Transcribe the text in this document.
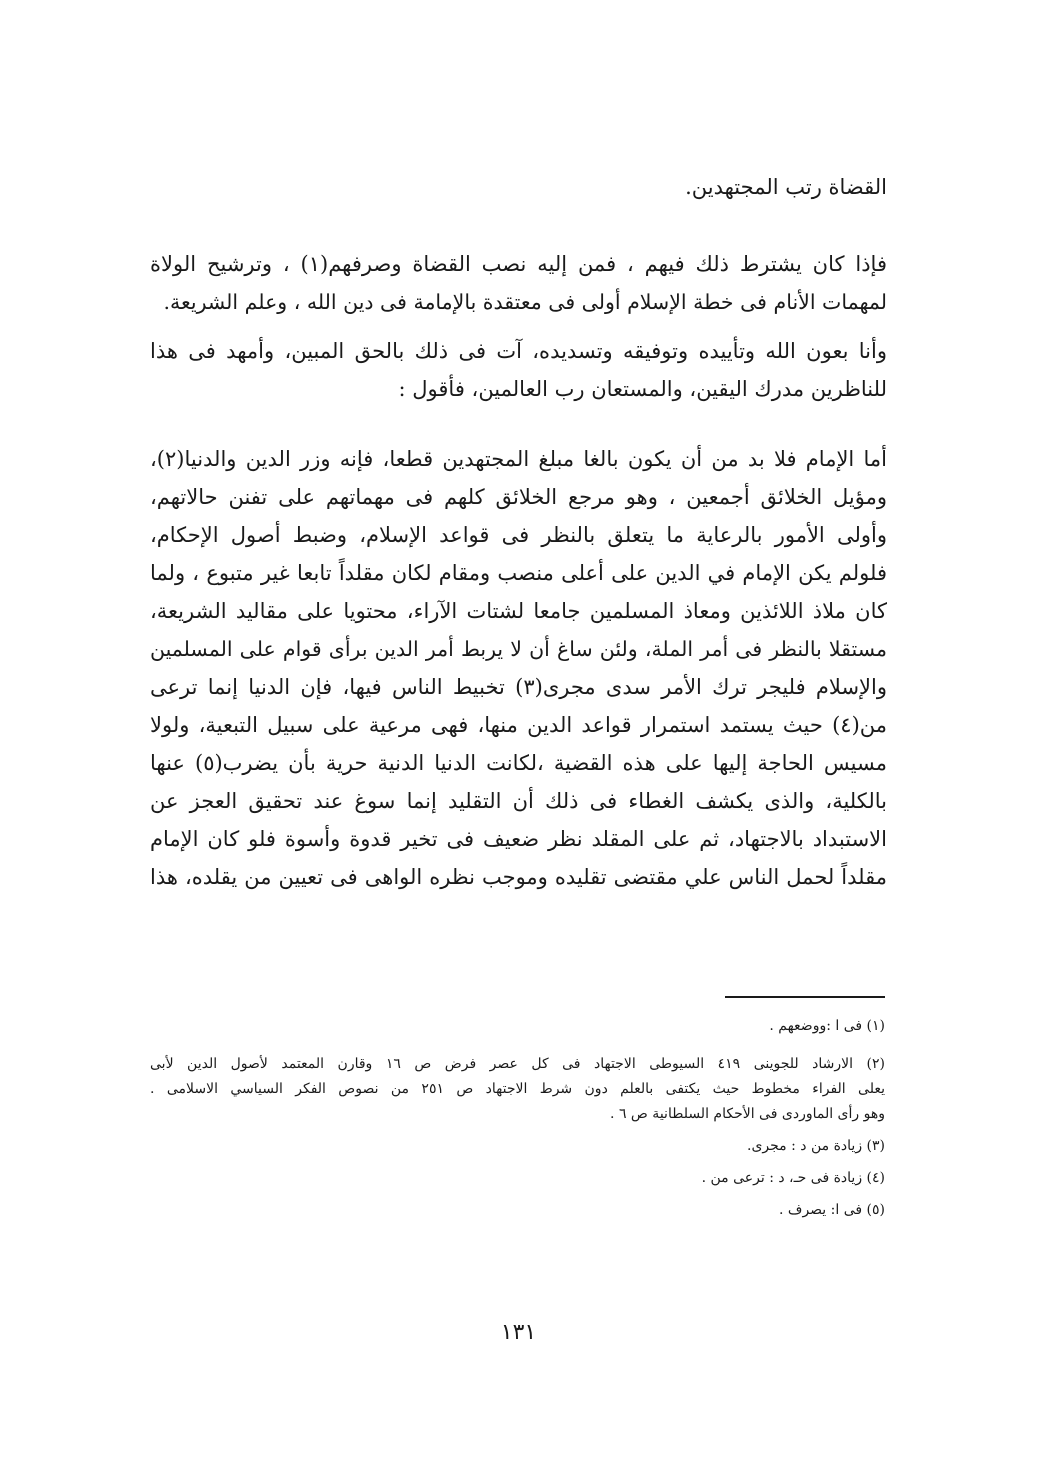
القضاة رتب المجتهدين.
فإذا كان يشترط ذلك فيهم ، فمن إليه نصب القضاة وصرفهم(١) ، وترشيح الولاة
لمهمات الأنام فى خطة الإسلام أولى فى معتقدة بالإمامة فى دين الله ، وعلم الشريعة.
وأنا بعون الله وتأييده وتوفيقه وتسديده، آت فى ذلك بالحق المبين، وأمهد فى هذا
للناظرين مدرك اليقين، والمستعان رب العالمين، فأقول :
أما الإمام فلا بد من أن يكون بالغا مبلغ المجتهدين قطعا، فإنه وزر الدين والدنيا(٢)،
ومؤيل الخلائق أجمعين ، وهو مرجع الخلائق كلهم فى مهماتهم على تفنن حالاتهم،
وأولى الأمور بالرعاية ما يتعلق بالنظر فى قواعد الإسلام، وضبط أصول الإحكام،
فلولم يكن الإمام في الدين على أعلى منصب ومقام لكان مقلداً تابعا غير متبوع ، ولما
كان ملاذ اللائذين ومعاذ المسلمين جامعا لشتات الآراء، محتويا على مقاليد الشريعة،
مستقلا بالنظر فى أمر الملة، ولئن ساغ أن لا يربط أمر الدين برأى قوام على المسلمين
والإسلام فليجر ترك الأمر سدى مجرى(٣) تخبيط الناس فيها، فإن الدنيا إنما ترعى
من(٤) حيث يستمد استمرار قواعد الدين منها، فهى مرعية على سبيل التبعية، ولولا
مسيس الحاجة إليها على هذه القضية ،لكانت الدنيا الدنية حرية بأن يضرب(٥) عنها
بالكلية، والذى يكشف الغطاء فى ذلك أن التقليد إنما سوغ عند تحقيق العجز عن
الاستبداد بالاجتهاد، ثم على المقلد نظر ضعيف فى تخير قدوة وأسوة فلو كان الإمام
مقلداً لحمل الناس علي مقتضى تقليده وموجب نظره الواهى فى تعيين من يقلده، هذا
(١) فى ا :ووضعهم .
(٢) الارشاد للجوينى ٤١٩ السيوطى الاجتهاد فى كل عصر فرض ص ١٦ وقارن المعتمد لأصول الدين لأبى
يعلى الفراء مخطوط حيث يكتفى بالعلم دون شرط الاجتهاد ص ٢٥١ من نصوص الفكر السياسي الاسلامى .
وهو رأى الماوردى فى الأحكام السلطانية ص ٦ .
(٣) زيادة من د : مجرى.
(٤) زيادة فى حـ، د : ترعى من .
(٥) فى ا: يصرف .
١٣١
